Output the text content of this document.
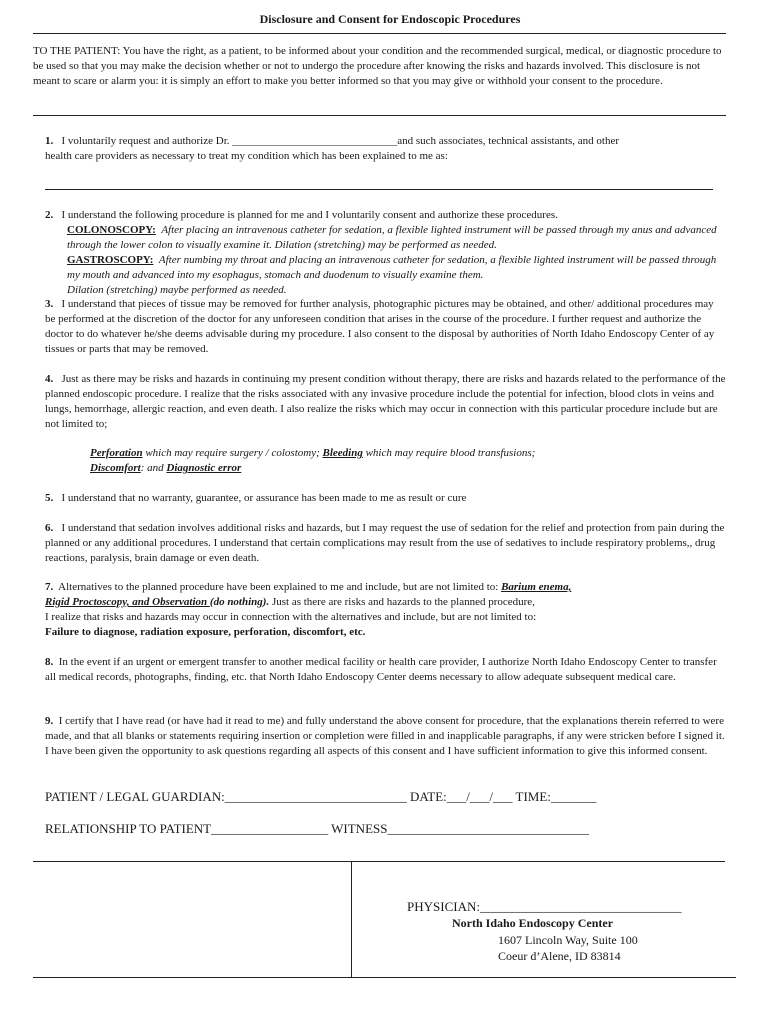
Disclosure and Consent for Endoscopic Procedures
TO THE PATIENT: You have the right, as a patient, to be informed about your condition and the recommended surgical, medical, or diagnostic procedure to be used so that you may make the decision whether or not to undergo the procedure after knowing the risks and hazards involved. This disclosure is not meant to scare or alarm you: it is simply an effort to make you better informed so that you may give or withhold your consent to the procedure.
1. I voluntarily request and authorize Dr. ______________________________and such associates, technical assistants, and other
health care providers as necessary to treat my condition which has been explained to me as:
2. I understand the following procedure is planned for me and I voluntarily consent and authorize these procedures.
COLONOSCOPY: After placing an intravenous catheter for sedation, a flexible lighted instrument will be passed through my anus and advanced through the lower colon to visually examine it. Dilation (stretching) may be performed as needed.
GASTROSCOPY: After numbing my throat and placing an intravenous catheter for sedation, a flexible lighted instrument will be passed through my mouth and advanced into my esophagus, stomach and duodenum to visually examine them.
Dilation (stretching) maybe performed as needed.
3. I understand that pieces of tissue may be removed for further analysis, photographic pictures may be obtained, and other/ additional procedures may be performed at the discretion of the doctor for any unforeseen condition that arises in the course of the procedure. I further request and authorize the doctor to do whatever he/she deems advisable during my procedure. I also consent to the disposal by authorities of North Idaho Endoscopy Center of ay tissues or parts that may be removed.
4. Just as there may be risks and hazards in continuing my present condition without therapy, there are risks and hazards related to the performance of the planned endoscopic procedure. I realize that the risks associated with any invasive procedure include the potential for infection, blood clots in veins and lungs, hemorrhage, allergic reaction, and even death. I also realize the risks which may occur in connection with this particular procedure include but are not limited to;
Perforation which may require surgery / colostomy; Bleeding which may require blood transfusions;
Discomfort: and Diagnostic error
5. I understand that no warranty, guarantee, or assurance has been made to me as result or cure
6. I understand that sedation involves additional risks and hazards, but I may request the use of sedation for the relief and protection from pain during the planned or any additional procedures. I understand that certain complications may result from the use of sedatives to include respiratory problems,, drug reactions, paralysis, brain damage or even death.
7. Alternatives to the planned procedure have been explained to me and include, but are not limited to: Barium enema,
Rigid Proctoscopy, and Observation (do nothing). Just as there are risks and hazards to the planned procedure,
I realize that risks and hazards may occur in connection with the alternatives and include, but are not limited to:
Failure to diagnose, radiation exposure, perforation, discomfort, etc.
8. In the event if an urgent or emergent transfer to another medical facility or health care provider, I authorize North Idaho Endoscopy Center to transfer all medical records, photographs, finding, etc. that North Idaho Endoscopy Center deems necessary to allow adequate subsequent medical care.
9. I certify that I have read (or have had it read to me) and fully understand the above consent for procedure, that the explanations therein referred to were made, and that all blanks or statements requiring insertion or completion were filled in and inapplicable paragraphs, if any were stricken before I signed it. I have been given the opportunity to ask questions regarding all aspects of this consent and I have sufficient information to give this informed consent.
PATIENT / LEGAL GUARDIAN:____________________________ DATE:___/___/___ TIME:_______
RELATIONSHIP TO PATIENT__________________ WITNESS_______________________________
PHYSICIAN:_______________________________
North Idaho Endoscopy Center
1607 Lincoln Way, Suite 100
Coeur d’Alene, ID 83814
